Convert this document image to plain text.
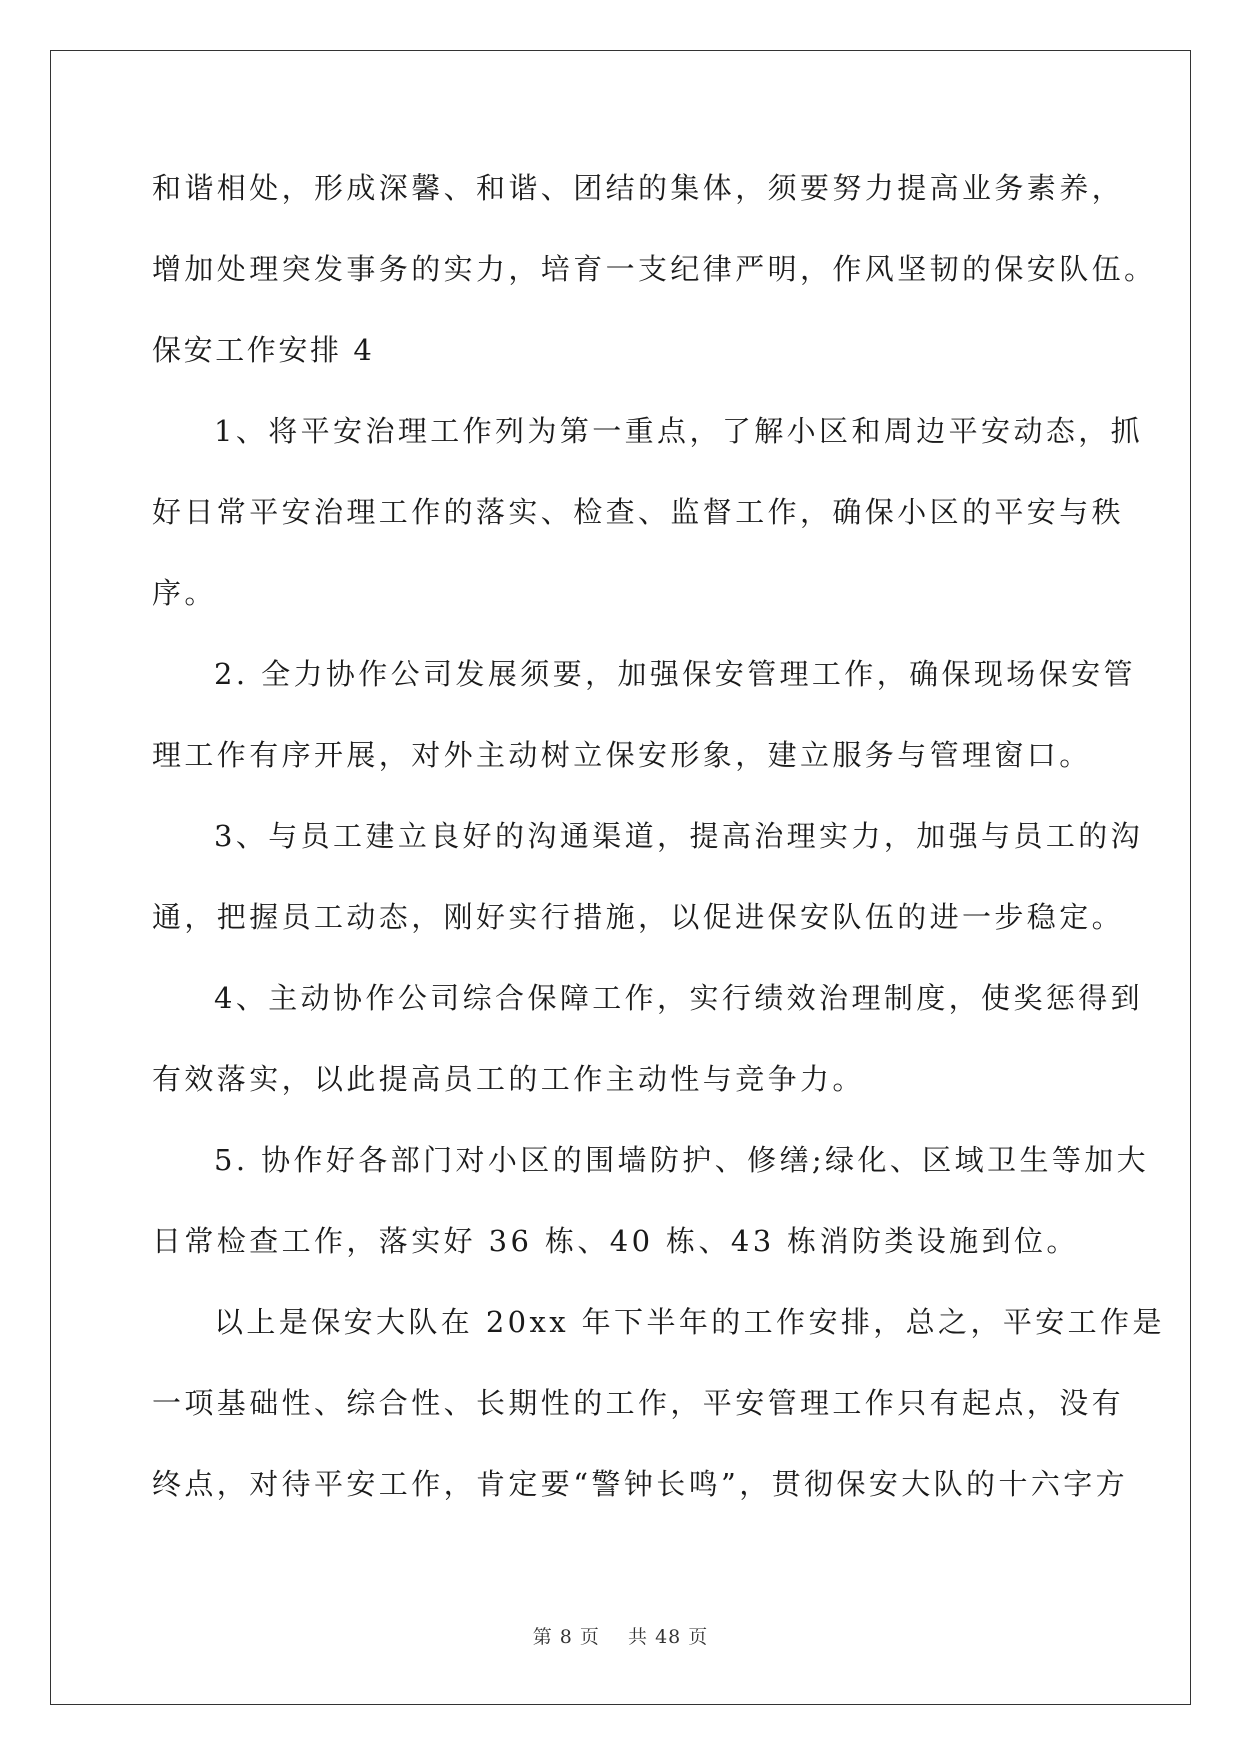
和谐相处，形成深馨、和谐、团结的集体，须要努力提高业务素养，
增加处理突发事务的实力，培育一支纪律严明，作风坚韧的保安队伍。
保安工作安排 4
1、将平安治理工作列为第一重点，了解小区和周边平安动态，抓
好日常平安治理工作的落实、检查、监督工作，确保小区的平安与秩
序。
2. 全力协作公司发展须要，加强保安管理工作，确保现场保安管
理工作有序开展，对外主动树立保安形象，建立服务与管理窗口。
3、与员工建立良好的沟通渠道，提高治理实力，加强与员工的沟
通，把握员工动态，刚好实行措施，以促进保安队伍的进一步稳定。
4、主动协作公司综合保障工作，实行绩效治理制度，使奖惩得到
有效落实，以此提高员工的工作主动性与竞争力。
5. 协作好各部门对小区的围墙防护、修缮;绿化、区域卫生等加大
日常检查工作，落实好 36 栋、40 栋、43 栋消防类设施到位。
以上是保安大队在 20xx 年下半年的工作安排，总之，平安工作是
一项基础性、综合性、长期性的工作，平安管理工作只有起点，没有
终点，对待平安工作，肯定要“警钟长鸣”，贯彻保安大队的十六字方
第 8 页 共 48 页
